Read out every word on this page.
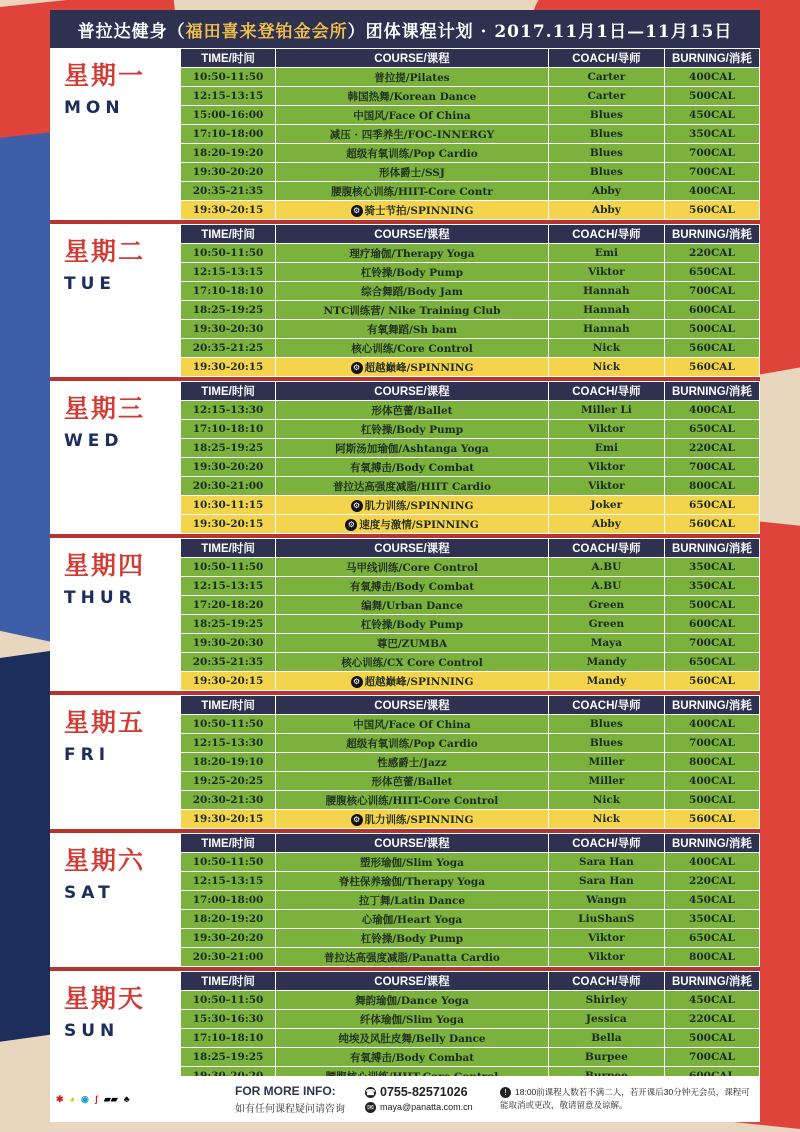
普拉达健身（ 福田喜来登铂金会所 ）团体课程计划 · 2017.11月1日—11月15日
星期一
MON
TIME/时间	COURSE/课程	COACH/导师	BURNING/消耗
10:50-11:50	普拉提/Pilates	Carter	400CAL
12:15-13:15	韩国热舞/Korean Dance	Carter	500CAL
15:00-16:00	中国风/Face Of China	Blues	450CAL
17:10-18:00	减压 · 四季养生/FOC-INNERGY	Blues	350CAL
18:20-19:20	超级有氧训练/Pop Cardio	Blues	700CAL
19:30-20:20	形体爵士/SSJ	Blues	700CAL
20:35-21:35	腰腹核心训练/HIIT-Core Contr	Abby	400CAL
19:30-20:15	⚙ 骑士节拍/SPINNING	Abby	560CAL
星期二
TUE
TIME/时间	COURSE/课程	COACH/导师	BURNING/消耗
10:50-11:50	理疗瑜伽/Therapy Yoga	Emi	220CAL
12:15-13:15	杠铃操/Body Pump	Viktor	650CAL
17:10-18:10	综合舞蹈/Body Jam	Hannah	700CAL
18:25-19:25	NTC训练营/ Nike Training Club	Hannah	600CAL
19:30-20:30	有氧舞蹈/Sh bam	Hannah	500CAL
20:35-21:25	核心训练/Core Control	Nick	560CAL
19:30-20:15	⚙ 超越巅峰/SPINNING	Nick	560CAL
星期三
WED
TIME/时间	COURSE/课程	COACH/导师	BURNING/消耗
12:15-13:30	形体芭蕾/Ballet	Miller Li	400CAL
17:10-18:10	杠铃操/Body Pump	Viktor	650CAL
18:25-19:25	阿斯汤加瑜伽/Ashtanga Yoga	Emi	220CAL
19:30-20:20	有氧搏击/Body Combat	Viktor	700CAL
20:30-21:00	普拉达高强度减脂/HIIT Cardio	Viktor	800CAL
10:30-11:15	⚙ 肌力训练/SPINNING	Joker	650CAL
19:30-20:15	⚙ 速度与激情/SPINNING	Abby	560CAL
星期四
THUR
TIME/时间	COURSE/课程	COACH/导师	BURNING/消耗
10:50-11:50	马甲线训练/Core Control	A.BU	350CAL
12:15-13:15	有氧搏击/Body Combat	A.BU	350CAL
17:20-18:20	编舞/Urban Dance	Green	500CAL
18:25-19:25	杠铃操/Body Pump	Green	600CAL
19:30-20:30	尊巴/ZUMBA	Maya	700CAL
20:35-21:35	核心训练/CX Core Control	Mandy	650CAL
19:30-20:15	⚙ 超越巅峰/SPINNING	Mandy	560CAL
星期五
FRI
TIME/时间	COURSE/课程	COACH/导师	BURNING/消耗
10:50-11:50	中国风/Face Of China	Blues	400CAL
12:15-13:30	超级有氧训练/Pop Cardio	Blues	700CAL
18:20-19:10	性感爵士/Jazz	Miller	800CAL
19:25-20:25	形体芭蕾/Ballet	Miller	400CAL
20:30-21:30	腰腹核心训练/HIIT-Core Control	Nick	500CAL
19:30-20:15	⚙ 肌力训练/SPINNING	Nick	560CAL
星期六
SAT
TIME/时间	COURSE/课程	COACH/导师	BURNING/消耗
10:50-11:50	塑形瑜伽/Slim Yoga	Sara Han	400CAL
12:15-13:15	脊柱保养瑜伽/Therapy Yoga	Sara Han	220CAL
17:00-18:00	拉丁舞/Latin Dance	Wangn	450CAL
18:20-19:20	心瑜伽/Heart Yoga	LiuShanS	350CAL
19:30-20:20	杠铃操/Body Pump	Viktor	650CAL
20:30-21:00	普拉达高强度减脂/Panatta Cardio	Viktor	800CAL
星期天
SUN
TIME/时间	COURSE/课程	COACH/导师	BURNING/消耗
10:50-11:50	舞韵瑜伽/Dance Yoga	Shirley	450CAL
15:30-16:30	纤体瑜伽/Slim Yoga	Jessica	220CAL
17:10-18:10	纯埃及风肚皮舞/Belly Dance	Bella	500CAL
18:25-19:25	有氧搏击/Body Combat	Burpee	700CAL

✱ ◕ ◉ ʃ ▰▰ ♣
FOR MORE INFO:
如有任何课程疑问请咨询
☎ 0755-82571026
✉ maya@panatta.com.cn
! 18:00前课程人数若不满二人，若开课后30分钟无会员，课程可能取消或更改，敬请留意及谅解。
